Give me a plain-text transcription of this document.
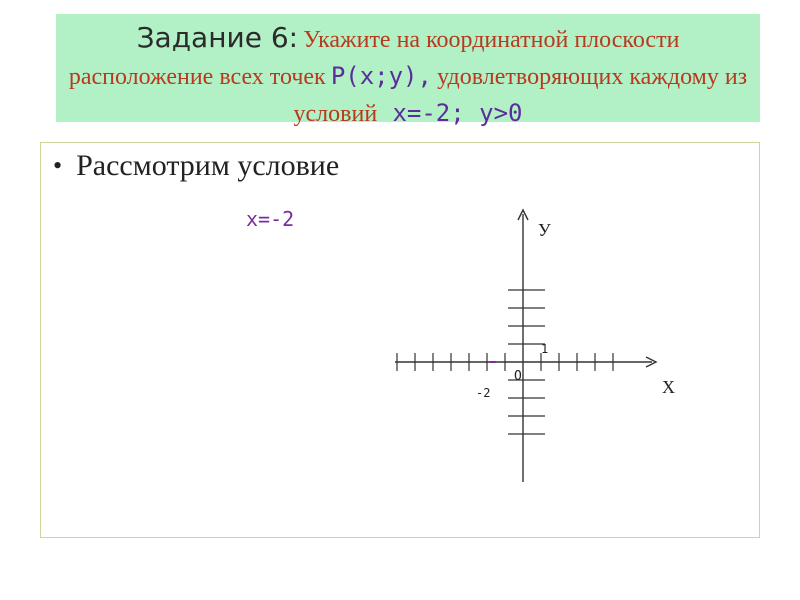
Задание 6: Укажите на координатной плоскости расположение всех точек P(x;y), удовлетворяющих каждому из условий x=-2; y>0
• Рассмотрим условие
x=-2	У
X
O
1
-2
